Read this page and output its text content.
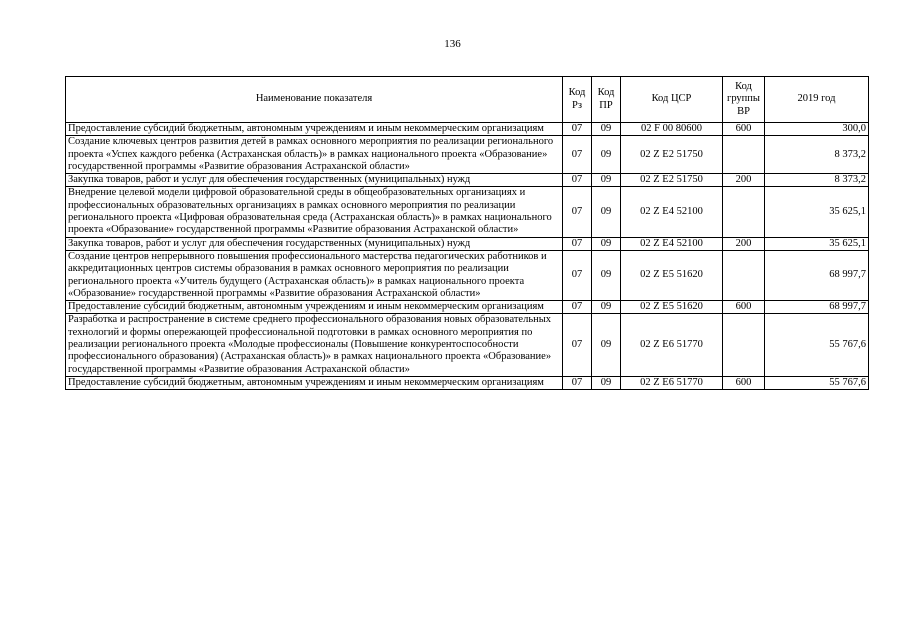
136
Наименование показателя	Код Рз	Код ПР	Код ЦСР	Код группы ВР	2019 год
Предоставление субсидий бюджетным, автономным учреждениям и иным некоммерческим организациям	07	09	02 F 00 80600	600	300,0
Создание ключевых центров развития детей в рамках основного мероприятия по реализации регионального проекта «Успех каждого ребенка (Астраханская область)» в рамках национального проекта «Образование» государственной программы «Развитие образования Астраханской области»	07	09	02 Z E2 51750		8 373,2
Закупка товаров, работ и услуг для обеспечения государственных (муниципальных) нужд	07	09	02 Z E2 51750	200	8 373,2
Внедрение целевой модели цифровой образовательной среды в общеобразовательных организациях и профессиональных образовательных организациях в рамках основного мероприятия по реализации регионального проекта «Цифровая образовательная среда (Астраханская область)» в рамках национального проекта «Образование» государственной программы «Развитие образования Астраханской области»	07	09	02 Z E4 52100		35 625,1
Закупка товаров, работ и услуг для обеспечения государственных (муниципальных) нужд	07	09	02 Z E4 52100	200	35 625,1
Создание центров непрерывного повышения профессионального мастерства педагогических работников и аккредитационных центров системы образования в рамках основного мероприятия по реализации регионального проекта «Учитель будущего (Астраханская область)» в рамках национального проекта «Образование» государственной программы «Развитие образования Астраханской области»	07	09	02 Z E5 51620		68 997,7
Предоставление субсидий бюджетным, автономным учреждениям и иным некоммерческим организациям	07	09	02 Z E5 51620	600	68 997,7
Разработка и распространение в системе среднего профессионального образования новых образовательных технологий и формы опережающей профессиональной подготовки в рамках основного мероприятия по реализации регионального проекта «Молодые профессионалы (Повышение конкурентоспособности профессионального образования) (Астраханская область)» в рамках национального проекта «Образование» государственной программы «Развитие образования Астраханской области»	07	09	02 Z E6 51770		55 767,6
Предоставление субсидий бюджетным, автономным учреждениям и иным некоммерческим организациям	07	09	02 Z E6 51770	600	55 767,6
